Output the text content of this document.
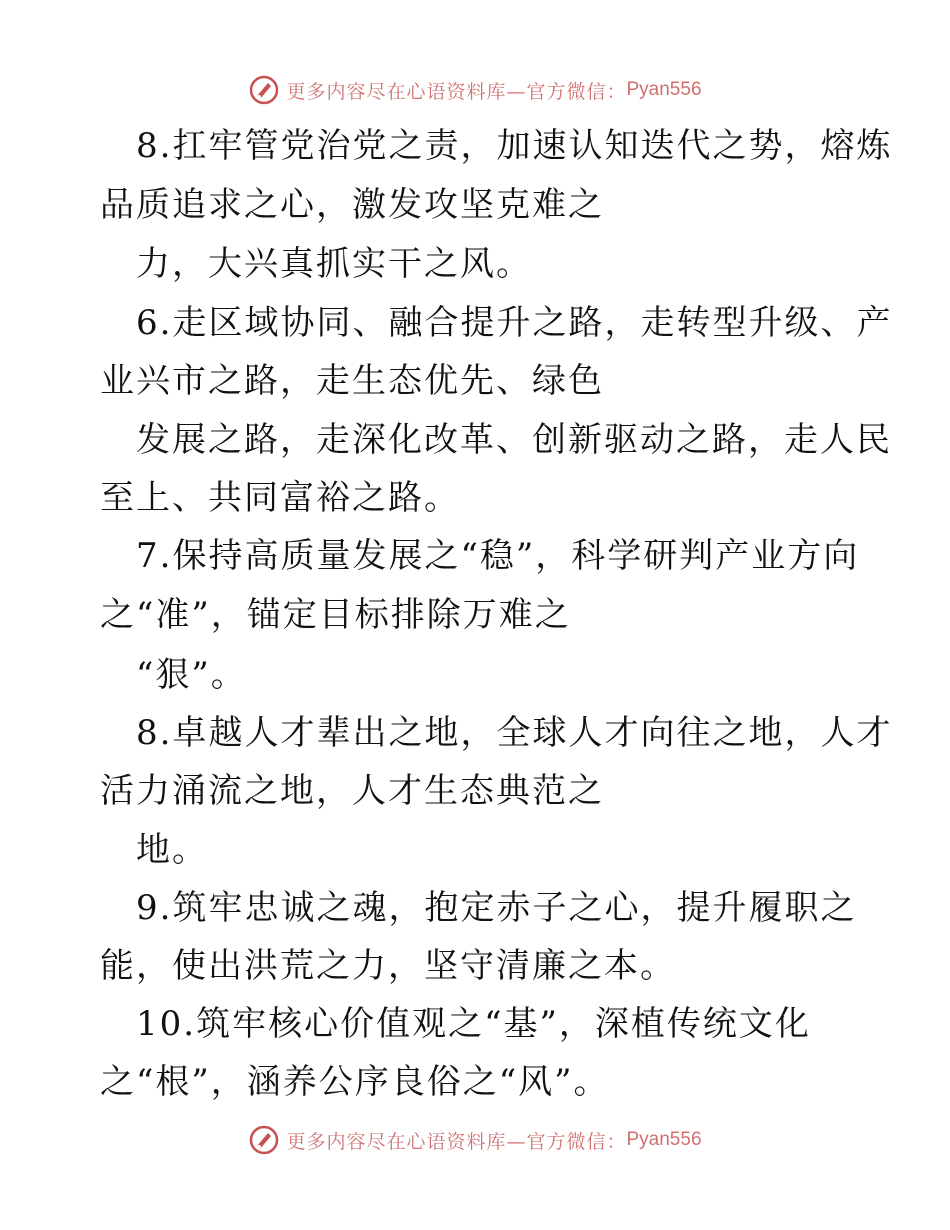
更多内容尽在心语资料库—官方微信： Pyan556
8.扛牢管党治党之责，加速认知迭代之势，熔炼
品质追求之心，激发攻坚克难之
力，大兴真抓实干之风。
6.走区域协同、融合提升之路，走转型升级、产
业兴市之路，走生态优先、绿色
发展之路，走深化改革、创新驱动之路，走人民
至上、共同富裕之路。
7.保持高质量发展之“稳”，科学研判产业方向
之“准”，锚定目标排除万难之
“狠”。
8.卓越人才辈出之地，全球人才向往之地，人才
活力涌流之地，人才生态典范之
地。
9.筑牢忠诚之魂，抱定赤子之心，提升履职之
能，使出洪荒之力，坚守清廉之本。
10.筑牢核心价值观之“基”，深植传统文化
之“根”，涵养公序良俗之“风”。
更多内容尽在心语资料库—官方微信： Pyan556
